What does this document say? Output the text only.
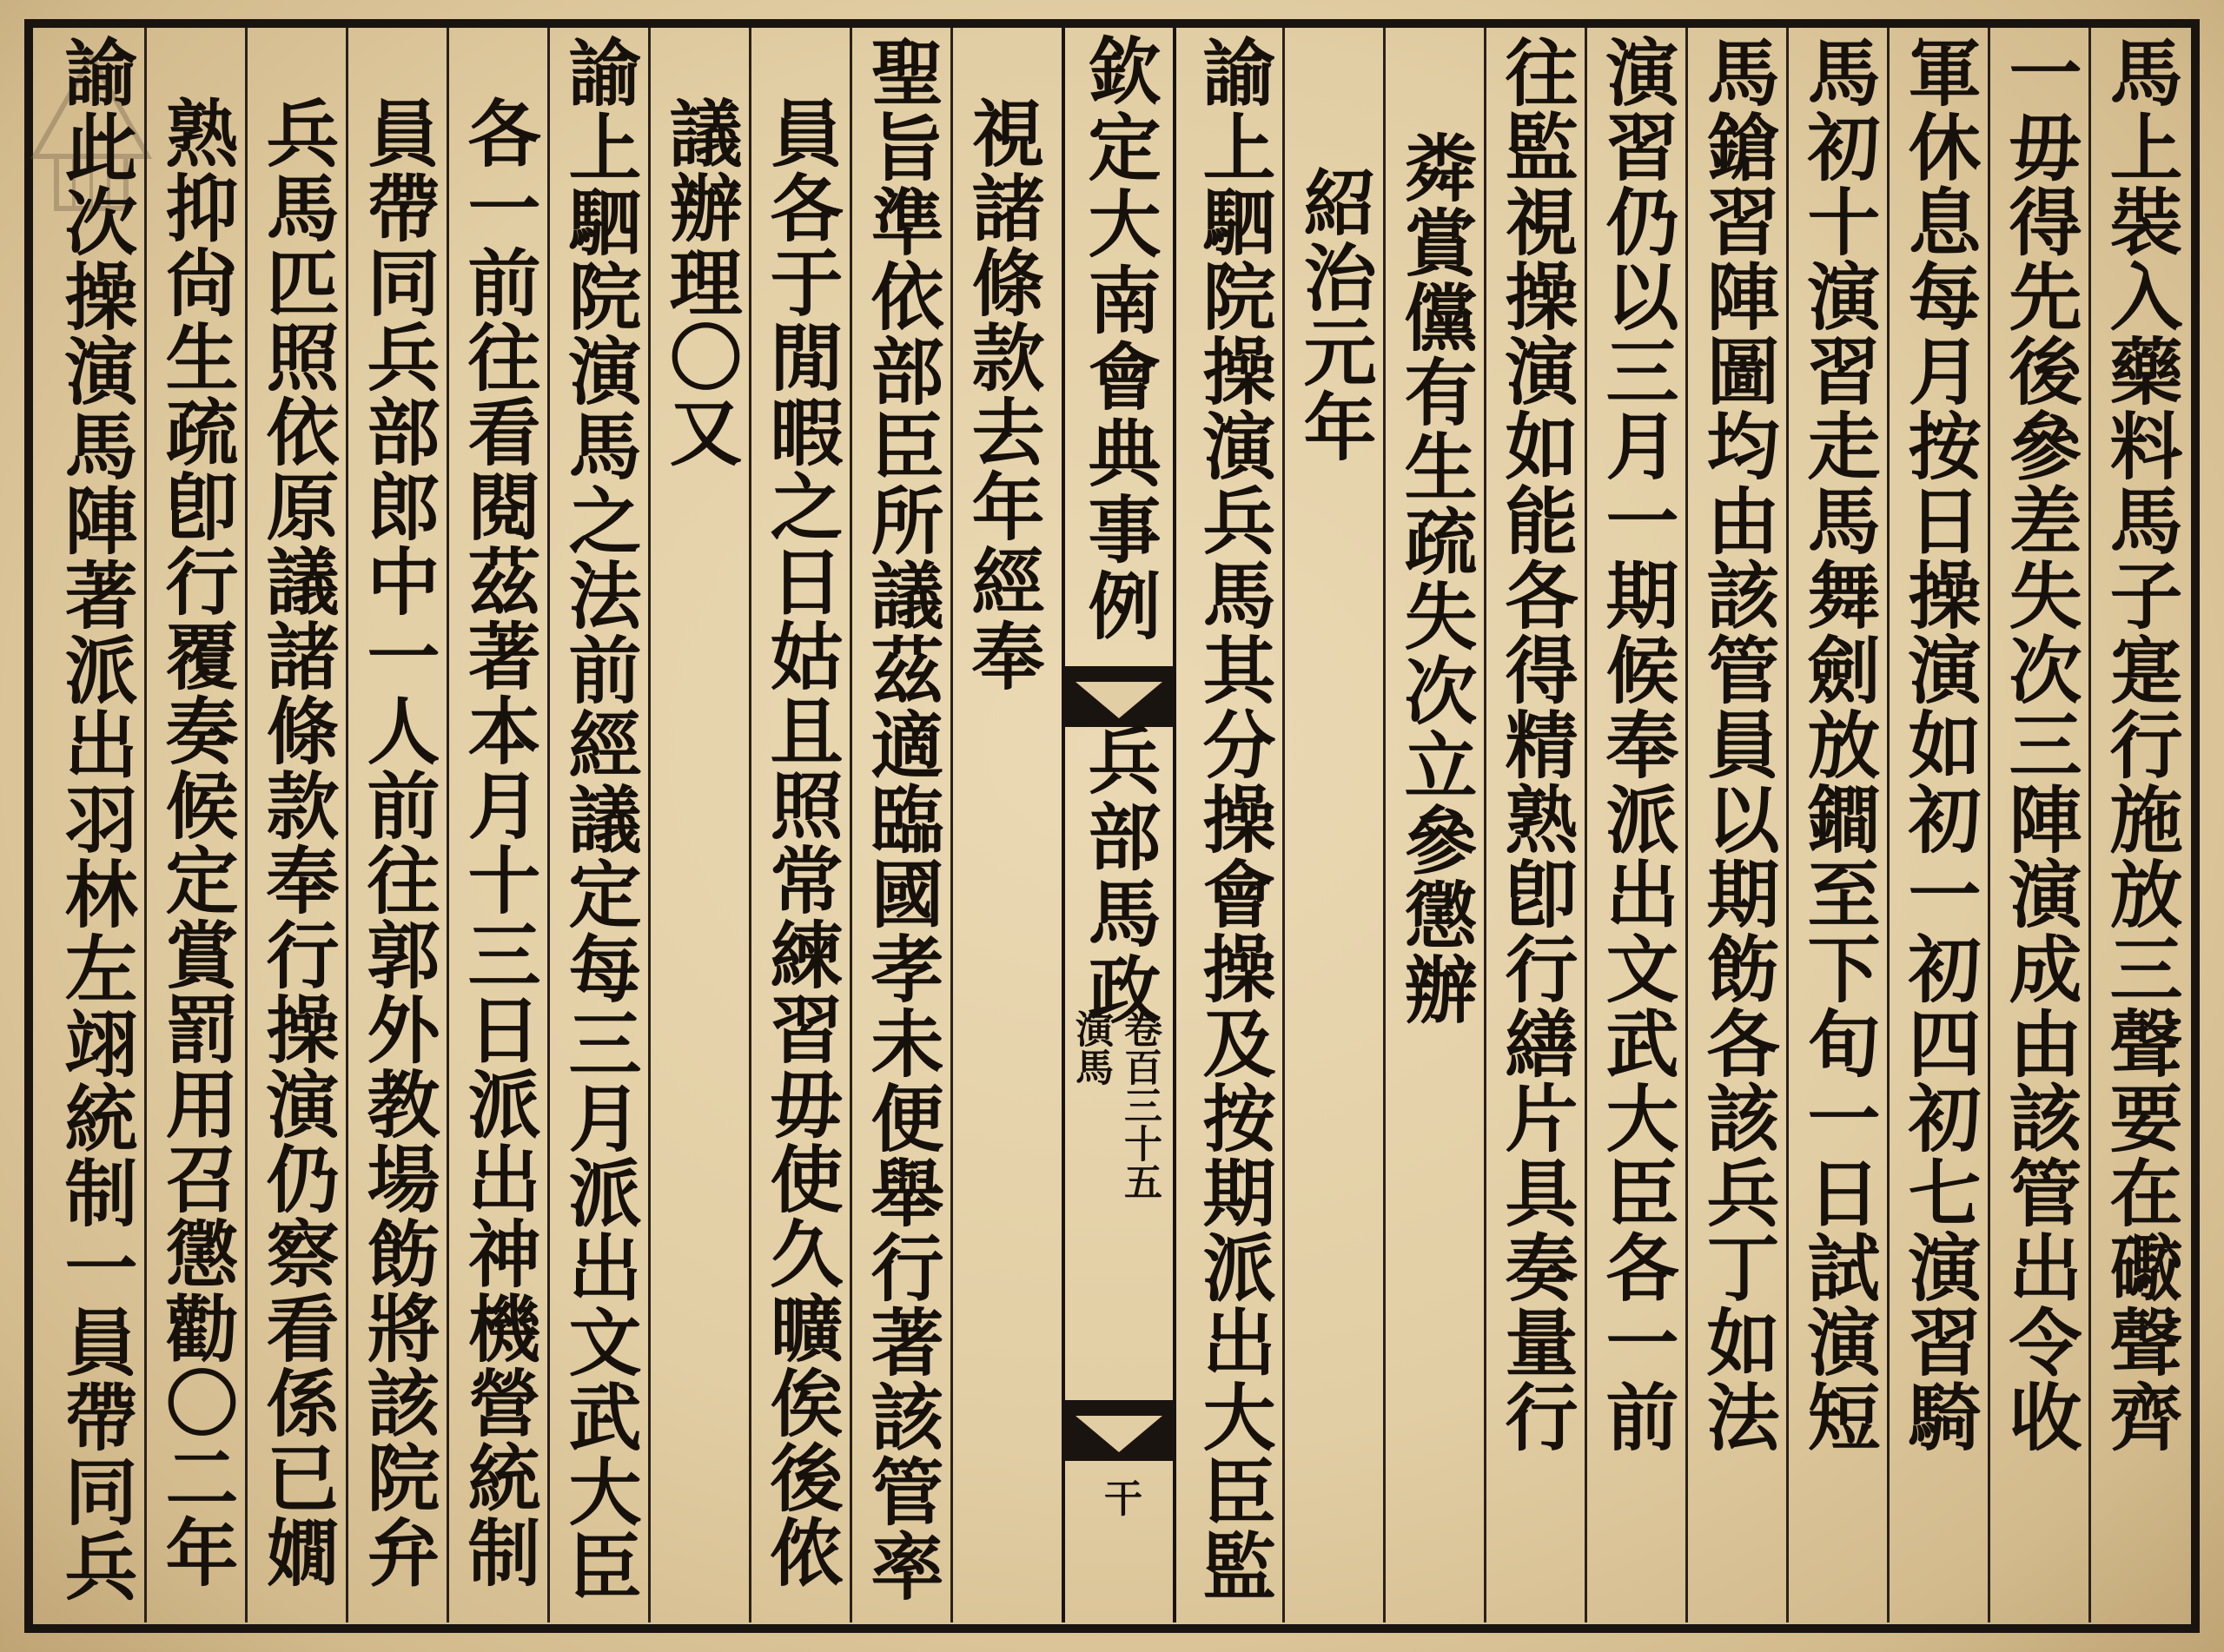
馬上裝入藥料馬子寔行施放三聲要在礮聲齊
一毋得先後參差失次三陣演成由該管出令收
軍休息每月按日操演如初一初四初七演習騎
馬初十演習走馬舞劍放鐧至下旬一日試演短
馬鎗習陣圖均由該管員以期飭各該兵丁如法
演習仍以三月一期候奉派出文武大臣各一前
往監視操演如能各得精熟卽行繕片具奏量行
粦賞儻有生疏失次立參懲辦
紹治元年
諭上駟院操演兵馬其分操會操及按期派出大臣監
欽定大南會典事例
兵部馬政
演馬 卷百三十五
干
視諸條款去年經奉
聖旨準依部臣所議茲適臨國孝未便舉行著該管率
員各于閒暇之日姑且照常練習毋使久曠俟後侬
議辦理〇又
諭上駟院演馬之法前經議定每三月派出文武大臣
各一前往看閱茲著本月十三日派出神機營統制
員帶同兵部郎中一人前往郭外教場飭將該院弁
兵馬匹照依原議諸條款奉行操演仍察看係已嫺
熟抑尙生疏卽行覆奏候定賞罰用召懲勸〇二年
諭此次操演馬陣著派出羽林左翊統制一員帶同兵
